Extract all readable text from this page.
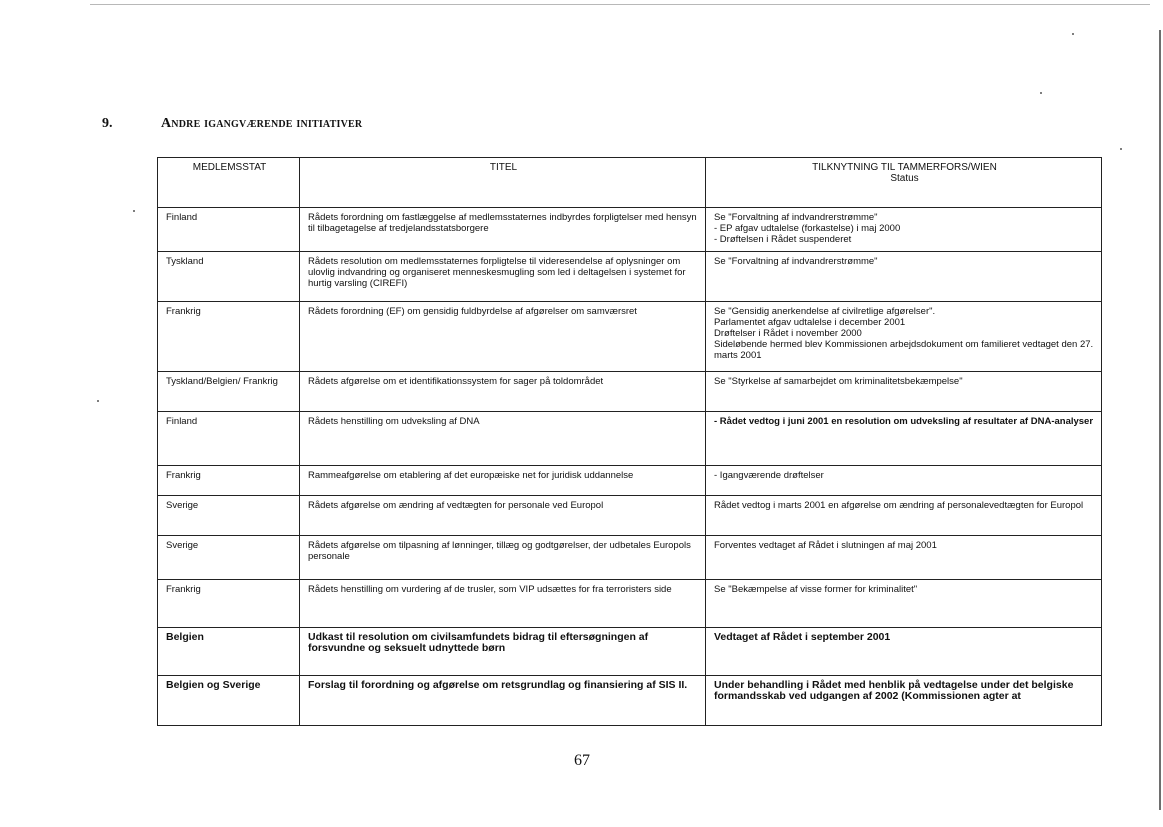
9.	Andre igangværende initiativer
MEDLEMSSTAT	TITEL	TILKNYTNING TIL TAMMERFORS/WIEN
Status

Finland	Rådets forordning om fastlæggelse af medlemsstaternes indbyrdes forpligtelser med hensyn til tilbagetagelse af tredjelandsstatsborgere	Se "Forvaltning af indvandrerstrømme"
- EP afgav udtalelse (forkastelse) i maj 2000
- Drøftelsen i Rådet suspenderet

Tyskland	Rådets resolution om medlemsstaternes forpligtelse til videresendelse af oplysninger om ulovlig indvandring og organiseret menneskesmugling som led i deltagelsen i systemet for hurtig varsling (CIREFI)	Se "Forvaltning af indvandrerstrømme"

Frankrig	Rådets forordning (EF) om gensidig fuldbyrdelse af afgørelser om samværsret	Se "Gensidig anerkendelse af civilretlige afgørelser".
Parlamentet afgav udtalelse i december 2001
Drøftelser i Rådet i november 2000
Sideløbende hermed blev Kommissionen arbejdsdokument om familieret vedtaget den 27. marts 2001

Tyskland/Belgien/ Frankrig	Rådets afgørelse om et identifikationssystem for sager på toldområdet	Se "Styrkelse af samarbejdet om kriminalitetsbekæmpelse"

Finland	Rådets henstilling om udveksling af DNA	- Rådet vedtog i juni 2001 en resolution om udveksling af resultater af DNA-analyser

Frankrig	Rammeafgørelse om etablering af det europæiske net for juridisk uddannelse	- Igangværende drøftelser

Sverige	Rådets afgørelse om ændring af vedtægten for personale ved Europol	Rådet vedtog i marts 2001 en afgørelse om ændring af personalevedtægten for Europol

Sverige	Rådets afgørelse om tilpasning af lønninger, tillæg og godtgørelser, der udbetales Europols personale	Forventes vedtaget af Rådet i slutningen af maj 2001

Frankrig	Rådets henstilling om vurdering af de trusler, som VIP udsættes for fra terroristers side	Se "Bekæmpelse af visse former for kriminalitet"

Belgien	Udkast til resolution om civilsamfundets bidrag til eftersøgningen af forsvundne og seksuelt udnyttede børn	Vedtaget af Rådet i september 2001

Belgien og Sverige	Forslag til forordning og afgørelse om retsgrundlag og finansiering af SIS II.	Under behandling i Rådet med henblik på vedtagelse under det belgiske formandsskab ved udgangen af 2002 (Kommissionen agter at
67
